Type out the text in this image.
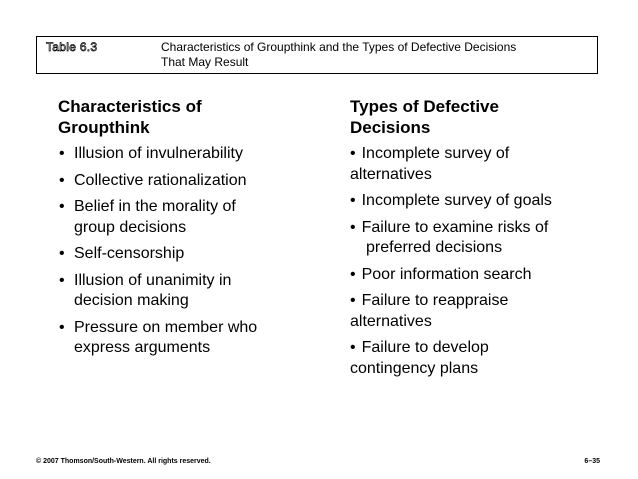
Table 6.3	Characteristics of Groupthink and the Types of Defective Decisions
That May Result
Characteristics of
Groupthink
• Illusion of invulnerability
• Collective rationalization
• Belief in the morality of group decisions
• Self-censorship
• Illusion of unanimity in decision making
• Pressure on member who express arguments
Types of Defective
Decisions
• Incomplete survey of alternatives
• Incomplete survey of goals
• Failure to examine risks of preferred decisions
• Poor information search
• Failure to reappraise alternatives
• Failure to develop contingency plans
© 2007 Thomson/South-Western. All rights reserved.	6–35
